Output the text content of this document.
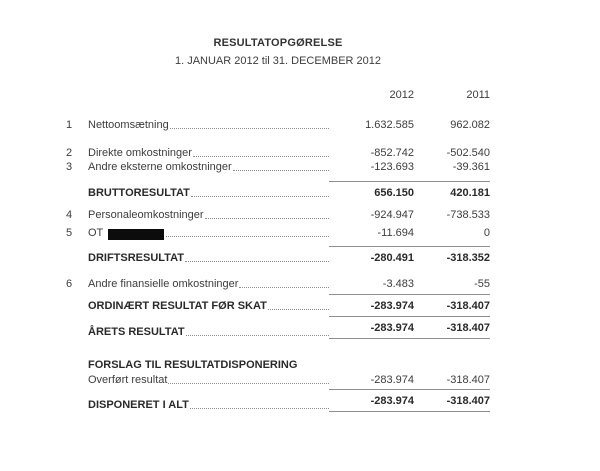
RESULTATOPGØRELSE
1. JANUAR 2012 til 31. DECEMBER 2012
2012	2011
1	Nettoomsætning	1.632.585	962.082
2	Direkte omkostninger	-852.742	-502.540
3	Andre eksterne omkostninger	-123.693	-39.361
BRUTTORESULTAT	656.150	420.181
4	Personaleomkostninger	-924.947	-738.533
5	OT	-11.694	0
DRIFTSRESULTAT	-280.491	-318.352
6	Andre finansielle omkostninger	-3.483	-55
ORDINÆRT RESULTAT FØR SKAT	-283.974	-318.407
ÅRETS RESULTAT	-283.974	-318.407
FORSLAG TIL RESULTATDISPONERING
Overført resultat	-283.974	-318.407
DISPONERET I ALT	-283.974	-318.407
